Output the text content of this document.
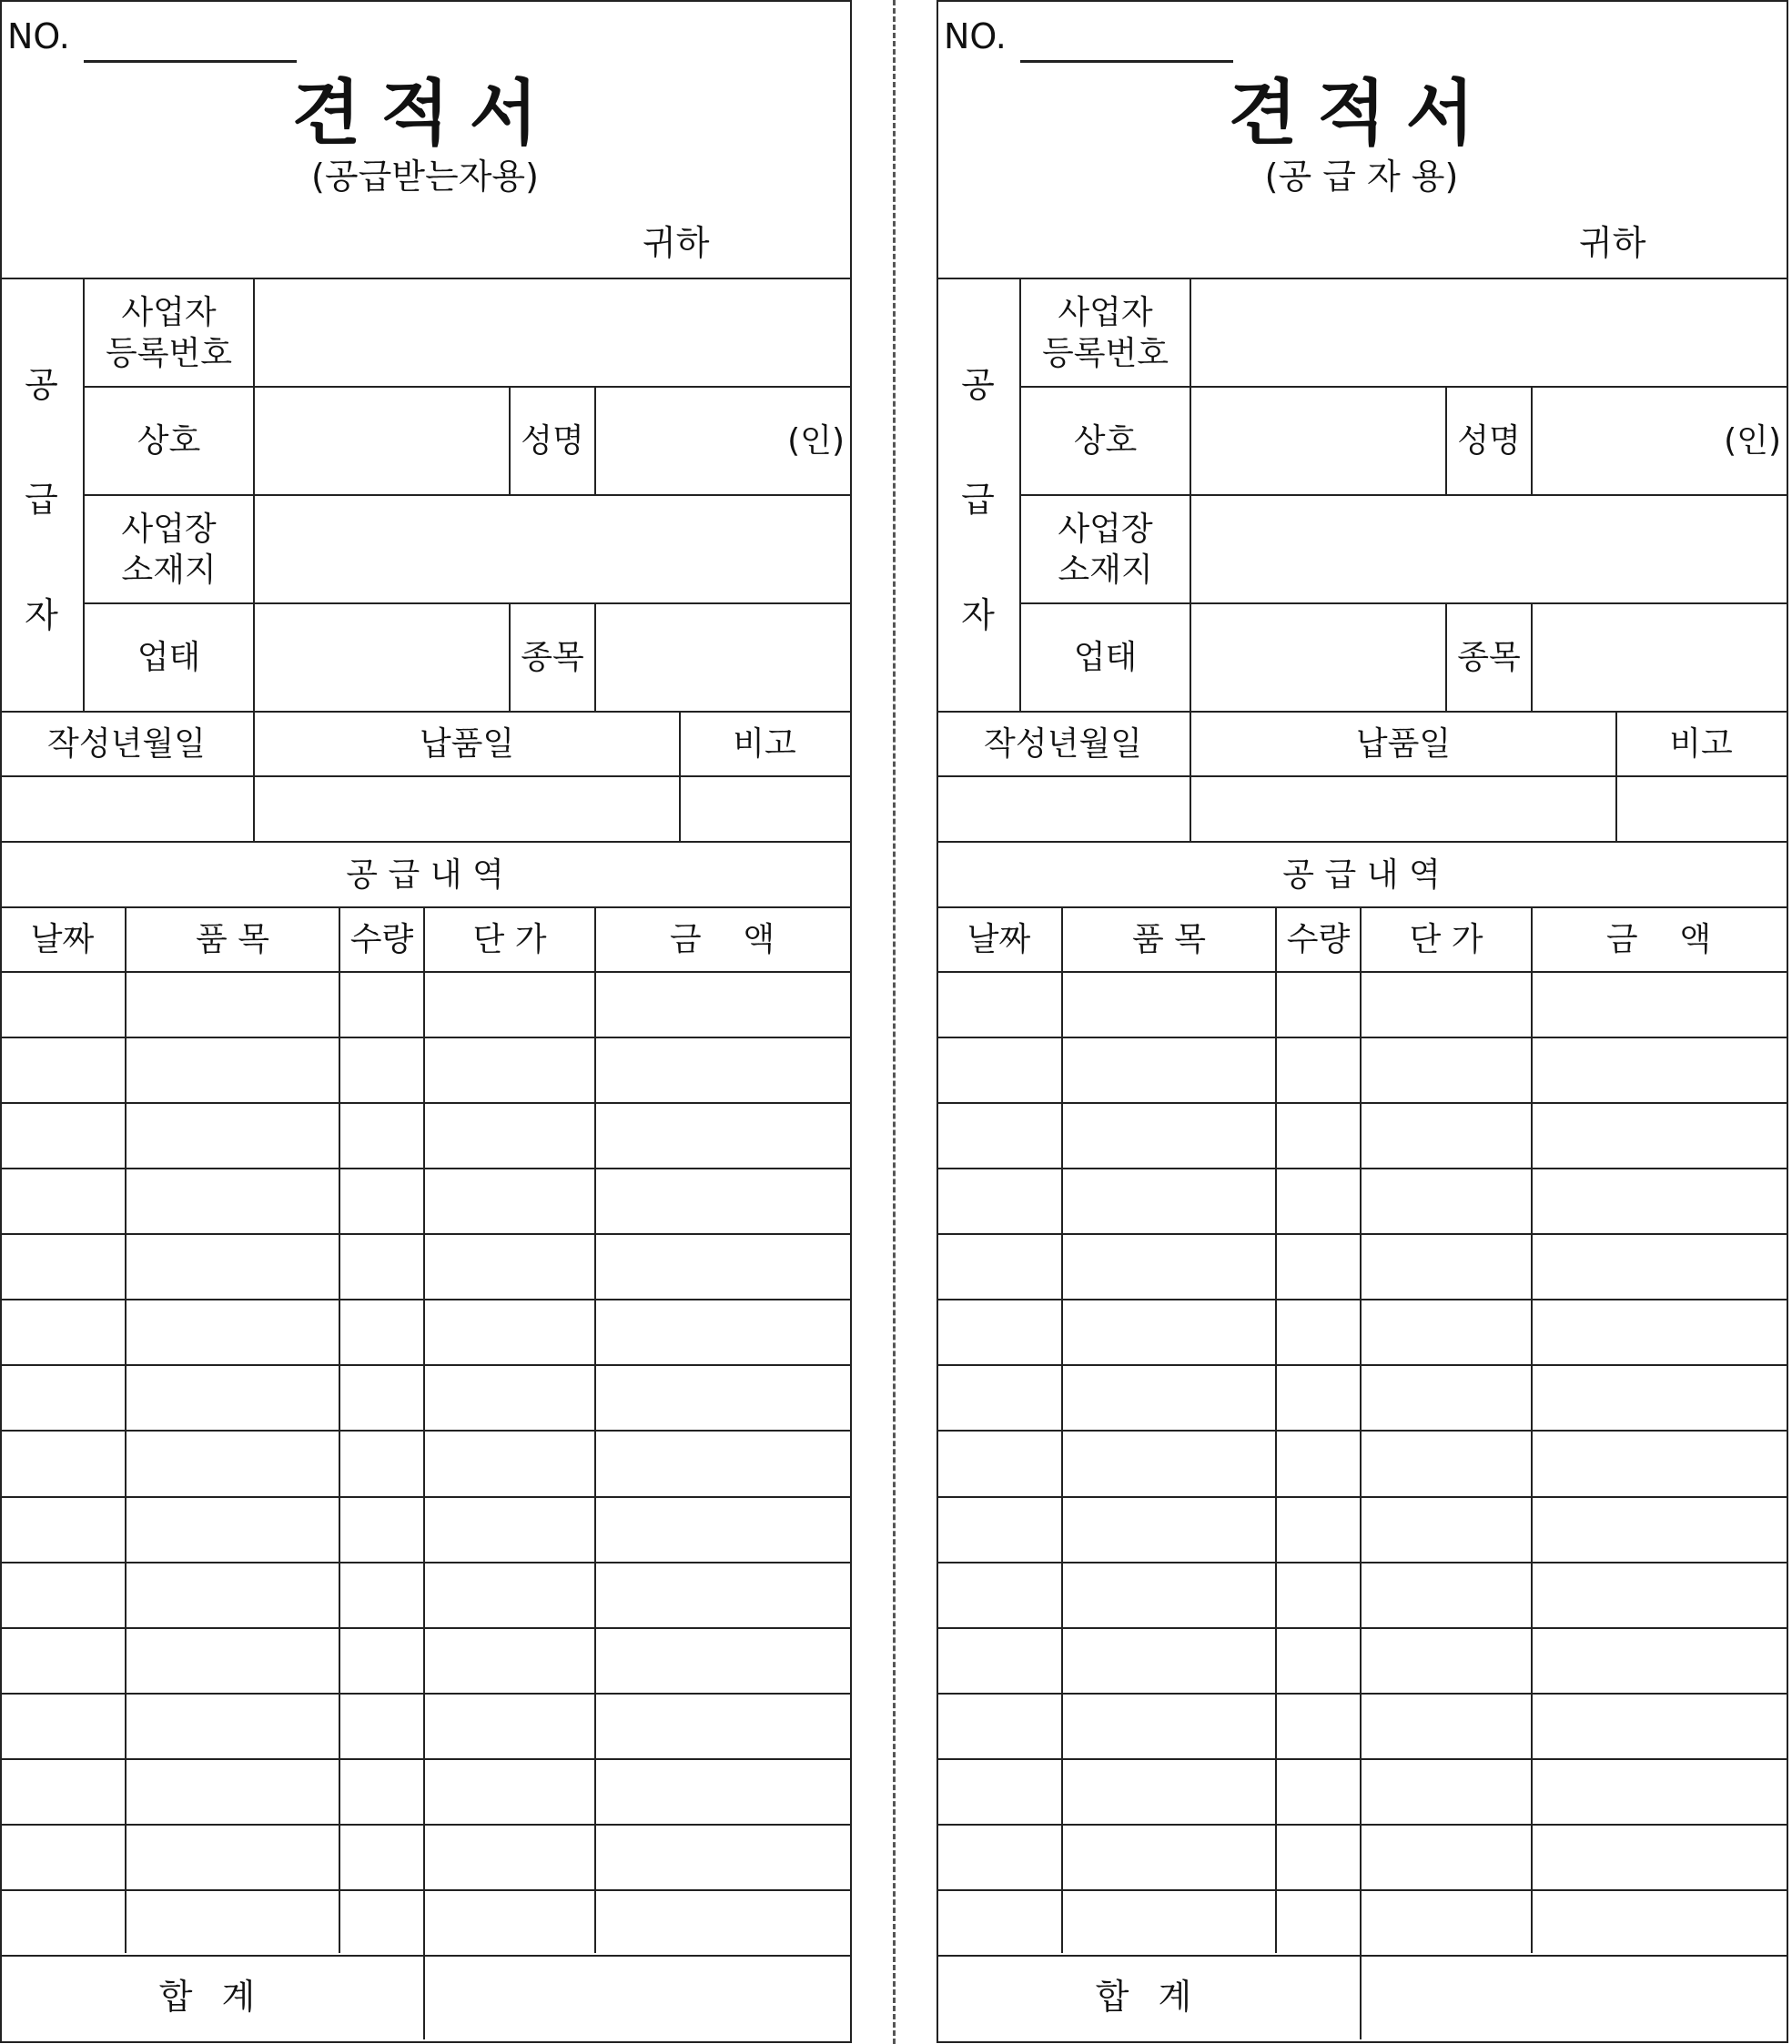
NO.
견적서
(공급받는자용)
귀하
공
급
자
사업자
등록번호
상호	성명	(인)
사업장
소재지
업태	종목
작성년월일	납품일	비고
공 급 내 역
날짜	품 목	수량	단 가	금    액
합 계
NO.
견적서
(공 급 자 용)
귀하
공
급
자
사업자
등록번호
상호	성명	(인)
사업장
소재지
업태	종목
작성년월일	납품일	비고
공 급 내 역
날짜	품 목	수량	단 가	금    액
합 계
